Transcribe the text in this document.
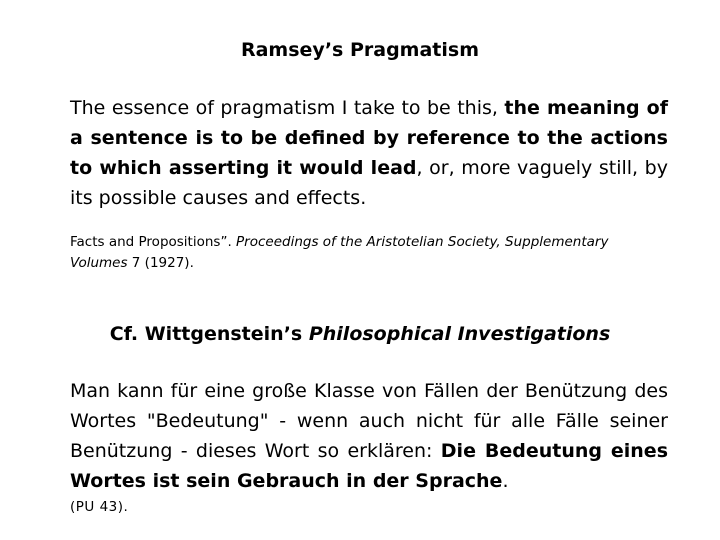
Ramsey’s Pragmatism

The essence of pragmatism I take to be this, the meaning of a sentence is to be defined by reference to the actions to which asserting it would lead, or, more vaguely still, by its possible causes and effects.

Facts and Propositions”. Proceedings of the Aristotelian Society, Supplementary Volumes 7 (1927).

Cf. Wittgenstein’s Philosophical Investigations

Man kann für eine große Klasse von Fällen der Benützung des Wortes "Bedeutung" - wenn auch nicht für alle Fälle seiner Benützung - dieses Wort so erklären: Die Bedeutung eines Wortes ist sein Gebrauch in der Sprache.

(PU 43).
